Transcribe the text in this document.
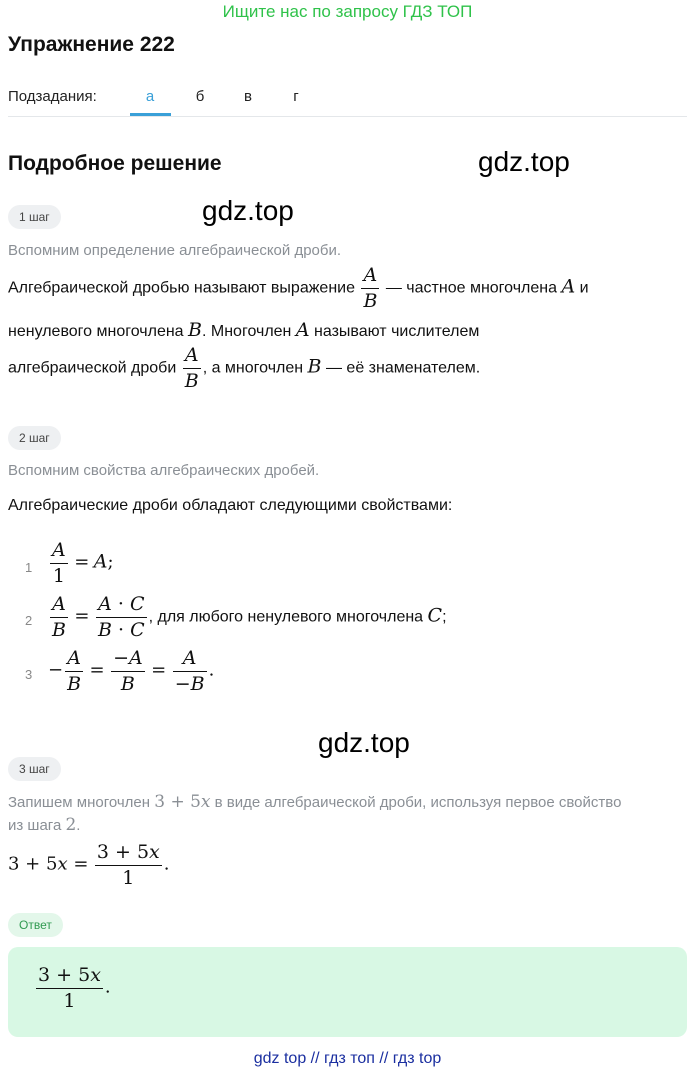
Ищите нас по запросу ГДЗ ТОП
Упражнение 222
Подзадания:	а	б	в	г
Подробное решение	gdz.top
gdz.top
gdz.top
1 шаг
Вспомним определение алгебраической дроби.
Алгебраической дробью называют выражение $\frac{A}{B}$ — частное многочлена A и
ненулевого многочлена B. Многочлен A называют числителем
алгебраической дроби $\frac{A}{B}$ , а многочлен B — её знаменателем.
2 шаг
Вспомним свойства алгебраических дробей.
Алгебраические дроби обладают следующими свойствами:
$1 \frac{A}{1} = A$;
$2 \frac{A}{B} = \frac{A \cdot C}{B \cdot C}$ , для любого ненулевого многочлена C;
$3 - \frac{A}{B} = \frac{-A}{B} = \frac{A}{-B}$ .
3 шаг
Запишем многочлен 3 + 5x в виде алгебраической дроби, используя первое свойство
из шага 2.
$3 + 5x = \frac{3 + 5x}{1}$ .
Ответ
$\frac{3 + 5x}{1}$ .
gdz top // гдз топ // гдз top
